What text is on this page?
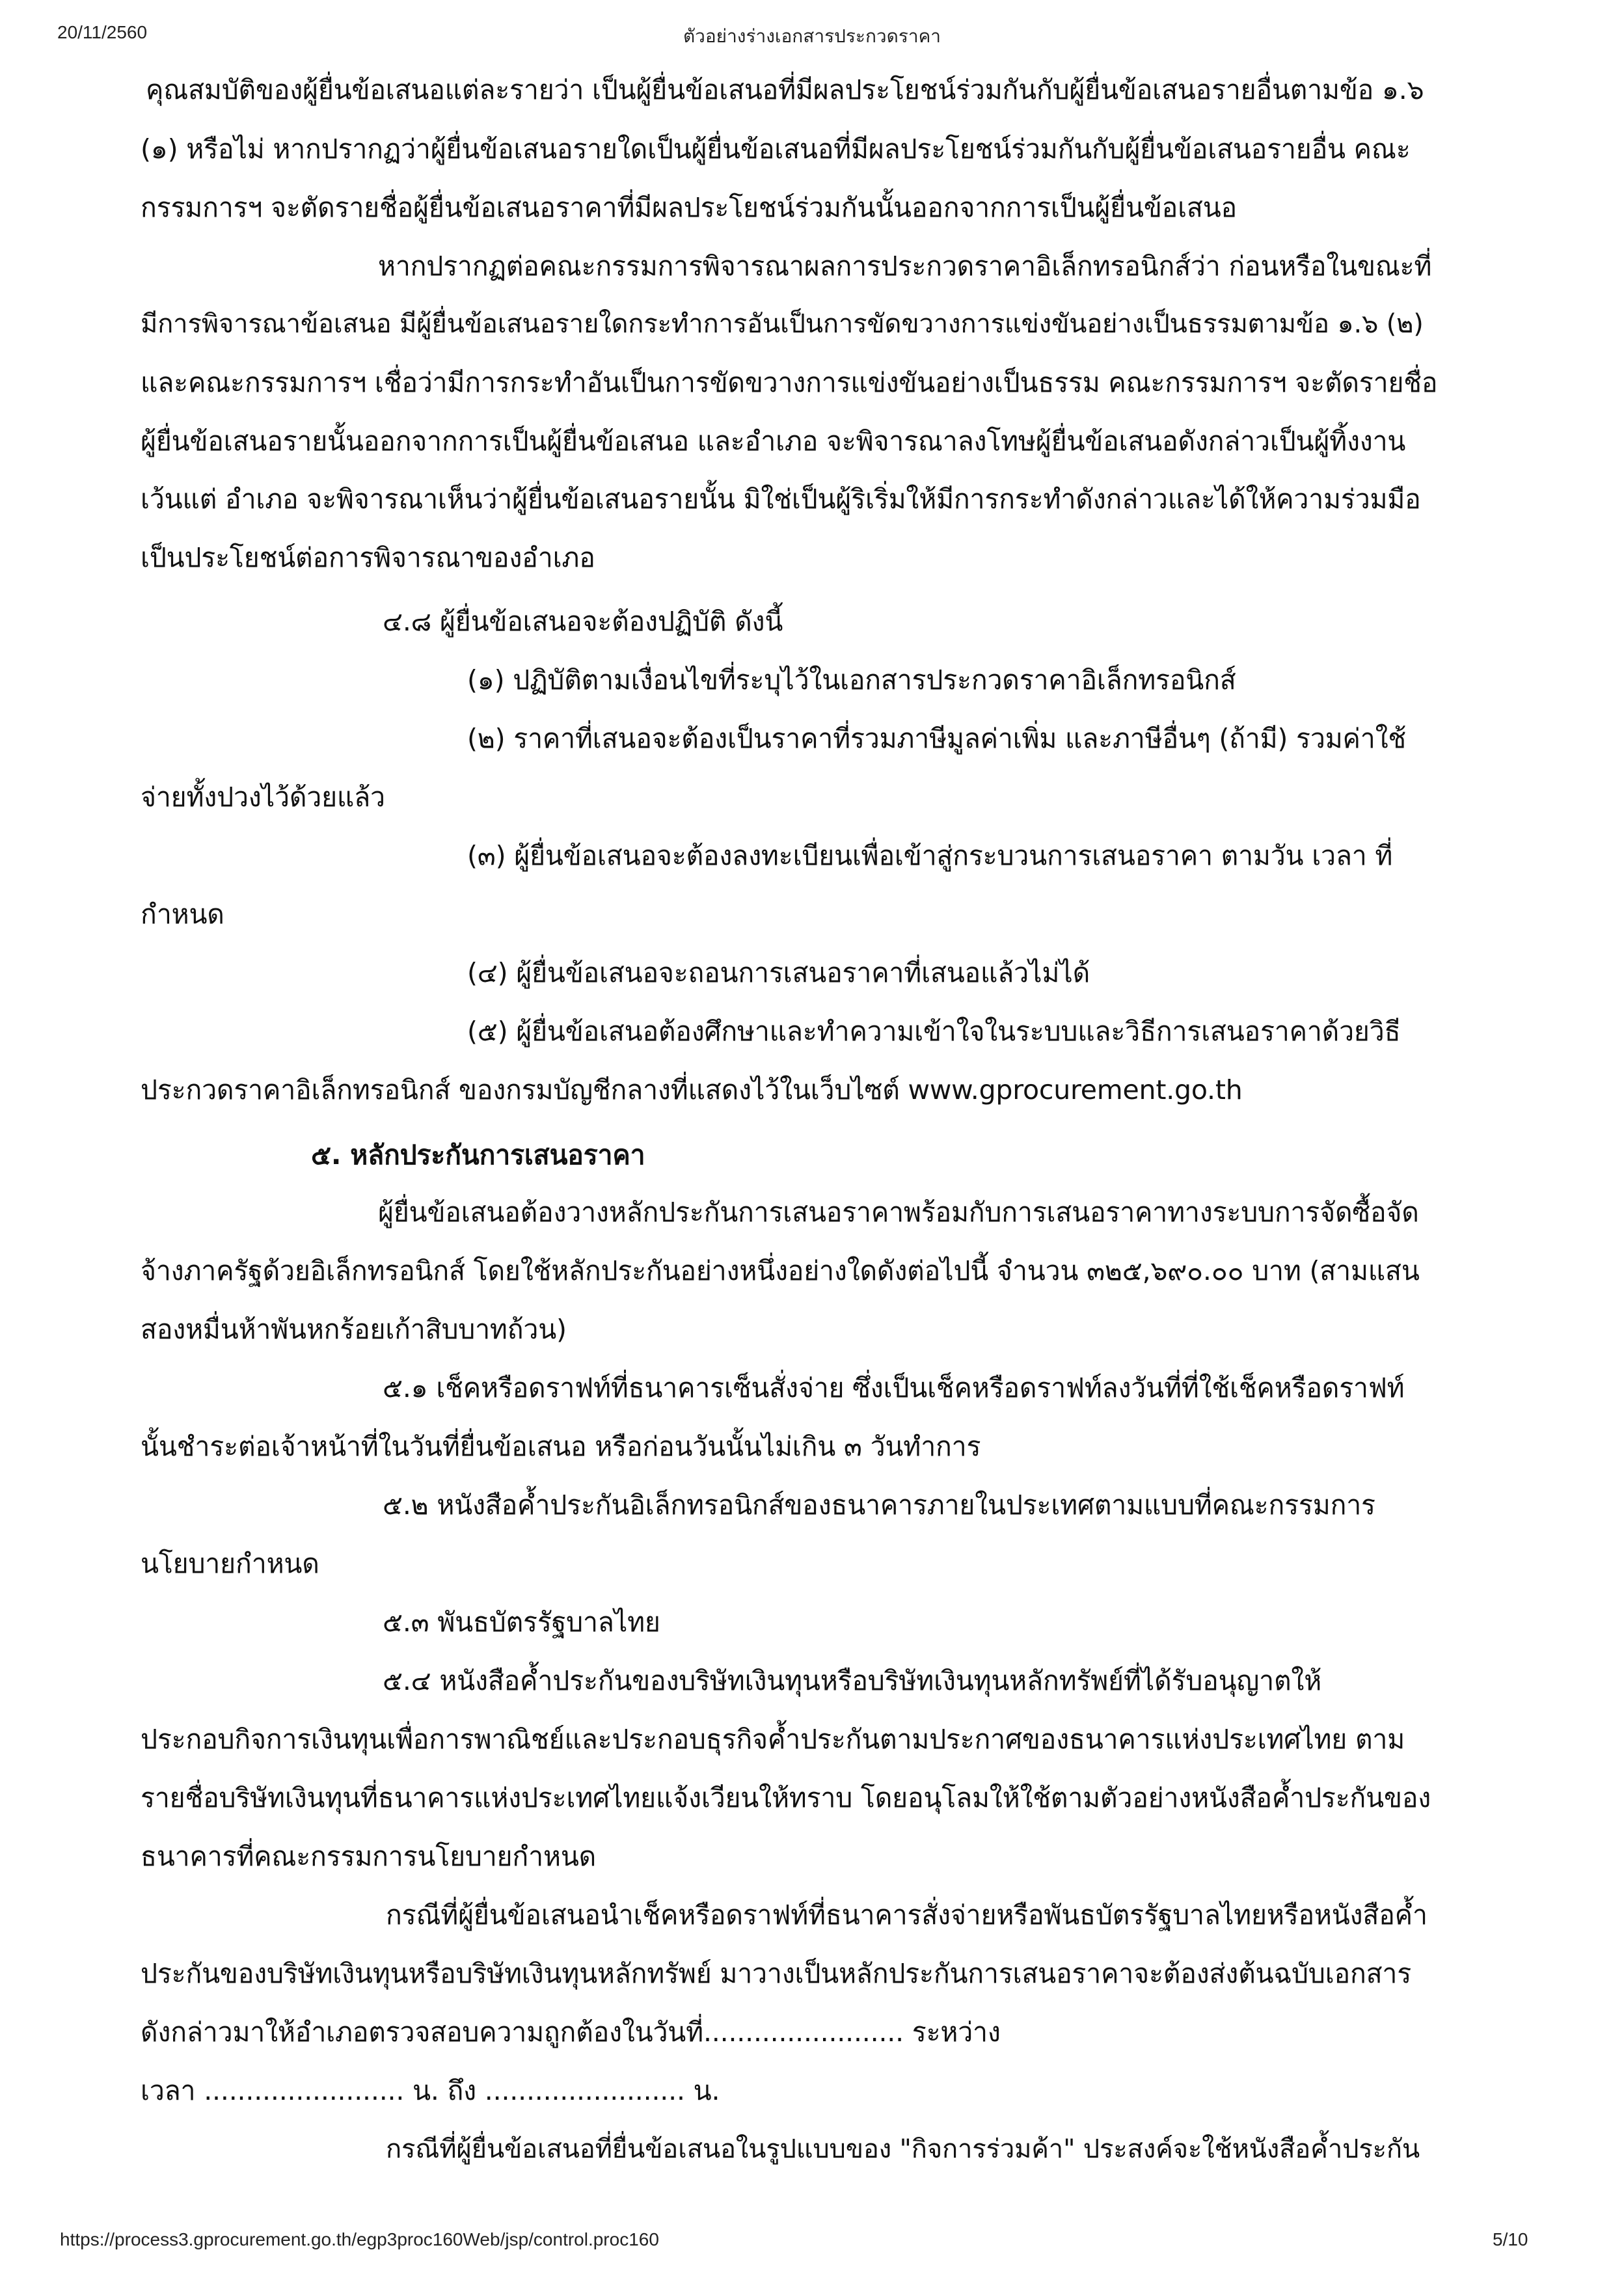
20/11/2560	ตัวอย่างร่างเอกสารประกวดราคา
คุณสมบัติของผู้ยื่นข้อเสนอแต่ละรายว่า เป็นผู้ยื่นข้อเสนอที่มีผลประโยชน์ร่วมกันกับผู้ยื่นข้อเสนอรายอื่นตามข้อ ๑.๖
(๑) หรือไม่ หากปรากฏว่าผู้ยื่นข้อเสนอรายใดเป็นผู้ยื่นข้อเสนอที่มีผลประโยชน์ร่วมกันกับผู้ยื่นข้อเสนอรายอื่น คณะ
กรรมการฯ จะตัดรายชื่อผู้ยื่นข้อเสนอราคาที่มีผลประโยชน์ร่วมกันนั้นออกจากการเป็นผู้ยื่นข้อเสนอ
หากปรากฏต่อคณะกรรมการพิจารณาผลการประกวดราคาอิเล็กทรอนิกส์ว่า ก่อนหรือในขณะที่
มีการพิจารณาข้อเสนอ มีผู้ยื่นข้อเสนอรายใดกระทำการอันเป็นการขัดขวางการแข่งขันอย่างเป็นธรรมตามข้อ ๑.๖ (๒)
และคณะกรรมการฯ เชื่อว่ามีการกระทำอันเป็นการขัดขวางการแข่งขันอย่างเป็นธรรม คณะกรรมการฯ จะตัดรายชื่อ
ผู้ยื่นข้อเสนอรายนั้นออกจากการเป็นผู้ยื่นข้อเสนอ และอำเภอ จะพิจารณาลงโทษผู้ยื่นข้อเสนอดังกล่าวเป็นผู้ทิ้งงาน
เว้นแต่ อำเภอ จะพิจารณาเห็นว่าผู้ยื่นข้อเสนอรายนั้น มิใช่เป็นผู้ริเริ่มให้มีการกระทำดังกล่าวและได้ให้ความร่วมมือ
เป็นประโยชน์ต่อการพิจารณาของอำเภอ
๔.๘ ผู้ยื่นข้อเสนอจะต้องปฏิบัติ ดังนี้
(๑) ปฏิบัติตามเงื่อนไขที่ระบุไว้ในเอกสารประกวดราคาอิเล็กทรอนิกส์
(๒) ราคาที่เสนอจะต้องเป็นราคาที่รวมภาษีมูลค่าเพิ่ม และภาษีอื่นๆ (ถ้ามี) รวมค่าใช้
จ่ายทั้งปวงไว้ด้วยแล้ว
(๓) ผู้ยื่นข้อเสนอจะต้องลงทะเบียนเพื่อเข้าสู่กระบวนการเสนอราคา ตามวัน เวลา ที่
กำหนด
(๔) ผู้ยื่นข้อเสนอจะถอนการเสนอราคาที่เสนอแล้วไม่ได้
(๕) ผู้ยื่นข้อเสนอต้องศึกษาและทำความเข้าใจในระบบและวิธีการเสนอราคาด้วยวิธี
ประกวดราคาอิเล็กทรอนิกส์ ของกรมบัญชีกลางที่แสดงไว้ในเว็บไซต์ www.gprocurement.go.th
๕. หลักประกันการเสนอราคา
ผู้ยื่นข้อเสนอต้องวางหลักประกันการเสนอราคาพร้อมกับการเสนอราคาทางระบบการจัดซื้อจัด
จ้างภาครัฐด้วยอิเล็กทรอนิกส์ โดยใช้หลักประกันอย่างหนึ่งอย่างใดดังต่อไปนี้ จำนวน ๓๒๕,๖๙๐.๐๐ บาท (สามแสน
สองหมื่นห้าพันหกร้อยเก้าสิบบาทถ้วน)
๕.๑ เช็คหรือดราฟท์ที่ธนาคารเซ็นสั่งจ่าย ซึ่งเป็นเช็คหรือดราฟท์ลงวันที่ที่ใช้เช็คหรือดราฟท์
นั้นชำระต่อเจ้าหน้าที่ในวันที่ยื่นข้อเสนอ หรือก่อนวันนั้นไม่เกิน ๓ วันทำการ
๕.๒ หนังสือค้ำประกันอิเล็กทรอนิกส์ของธนาคารภายในประเทศตามแบบที่คณะกรรมการ
นโยบายกำหนด
๕.๓ พันธบัตรรัฐบาลไทย
๕.๔ หนังสือค้ำประกันของบริษัทเงินทุนหรือบริษัทเงินทุนหลักทรัพย์ที่ได้รับอนุญาตให้
ประกอบกิจการเงินทุนเพื่อการพาณิชย์และประกอบธุรกิจค้ำประกันตามประกาศของธนาคารแห่งประเทศไทย ตาม
รายชื่อบริษัทเงินทุนที่ธนาคารแห่งประเทศไทยแจ้งเวียนให้ทราบ โดยอนุโลมให้ใช้ตามตัวอย่างหนังสือค้ำประกันของ
ธนาคารที่คณะกรรมการนโยบายกำหนด
กรณีที่ผู้ยื่นข้อเสนอนำเช็คหรือดราฟท์ที่ธนาคารสั่งจ่ายหรือพันธบัตรรัฐบาลไทยหรือหนังสือค้ำ
ประกันของบริษัทเงินทุนหรือบริษัทเงินทุนหลักทรัพย์ มาวางเป็นหลักประกันการเสนอราคาจะต้องส่งต้นฉบับเอกสาร
ดังกล่าวมาให้อำเภอตรวจสอบความถูกต้องในวันที่........................ ระหว่าง
เวลา ........................ น. ถึง ........................ น.
กรณีที่ผู้ยื่นข้อเสนอที่ยื่นข้อเสนอในรูปแบบของ "กิจการร่วมค้า" ประสงค์จะใช้หนังสือค้ำประกัน
https://process3.gprocurement.go.th/egp3proc160Web/jsp/control.proc160	5/10
